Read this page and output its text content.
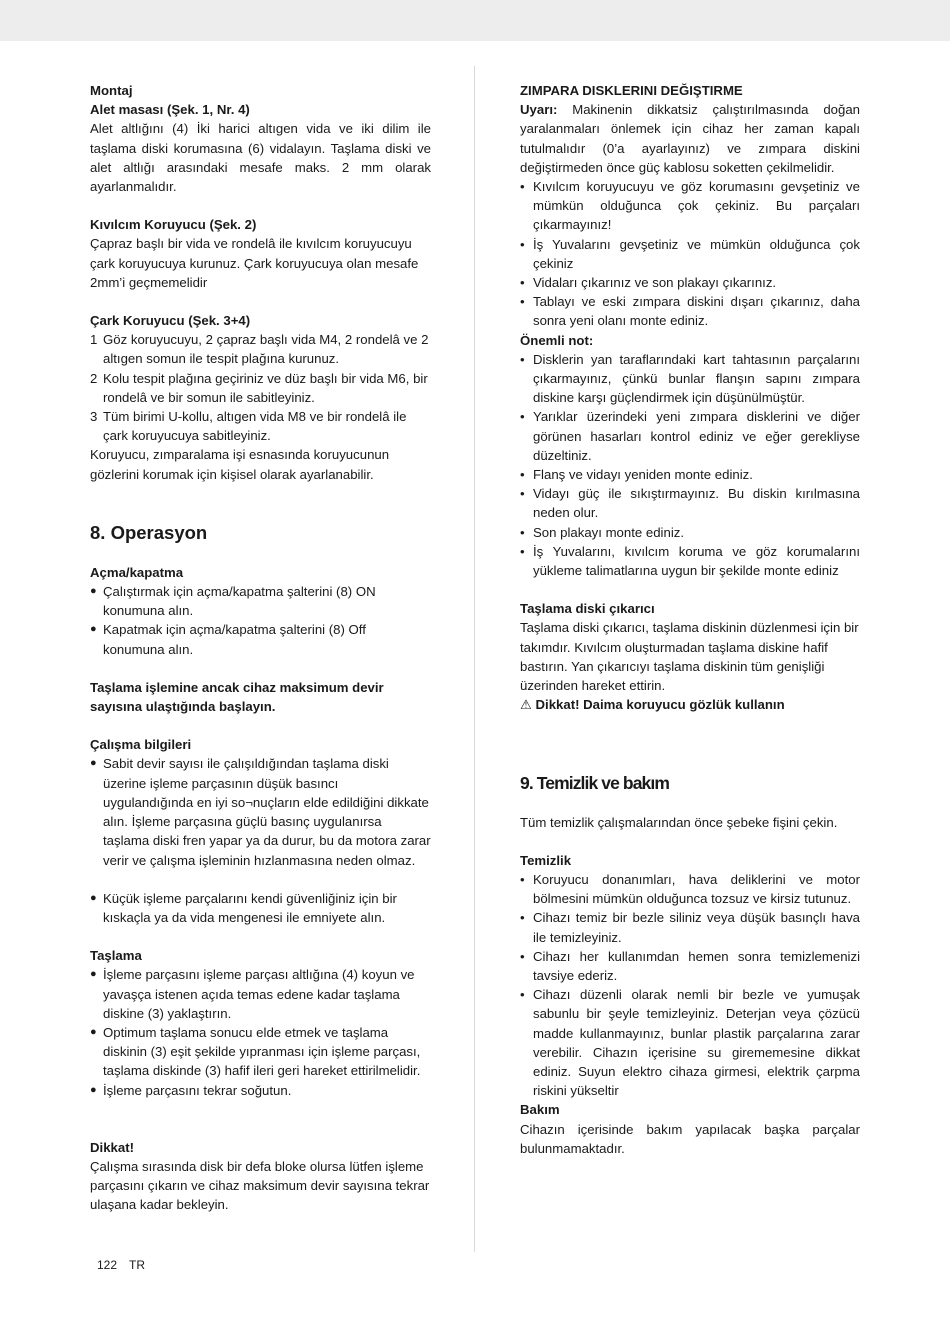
Montaj

Alet masası (Şek. 1, Nr. 4)

Alet altlığını (4) İki harici altıgen vida ve iki dilim ile taşlama diski korumasına (6) vidalayın. Taşlama diski ve alet altlığı arasındaki mesafe maks. 2 mm olarak ayarlanmalıdır.

Kıvılcım Koruyucu (Şek. 2)

Çapraz başlı bir vida ve rondelâ ile kıvılcım koruyucuyu çark koruyucuya kurunuz. Çark koruyucuya olan mesafe 2mm’i geçmemelidir

Çark Koruyucu (Şek. 3+4)

1 Göz koruyucuyu, 2 çapraz başlı vida M4, 2 rondelâ ve 2 altıgen somun ile tespit plağına kurunuz.
2 Kolu tespit plağına geçiriniz ve düz başlı bir vida M6, bir rondelâ ve bir somun ile sabitleyiniz.
3 Tüm birimi U-kollu, altıgen vida M8 ve bir rondelâ ile çark koruyucuya sabitleyiniz.

Koruyucu, zımparalama işi esnasında koruyucunun gözlerini korumak için kişisel olarak ayarlanabilir.

8. Operasyon

Açma/kapatma

● Çalıştırmak için açma/kapatma şalterini (8) ON konumuna alın.
● Kapatmak için açma/kapatma şalterini (8) Off konumuna alın.

Taşlama işlemine ancak cihaz maksimum devir sayısına ulaştığında başlayın.

Çalışma bilgileri

● Sabit devir sayısı ile çalışıldığından taşlama diski üzerine işleme parçasının düşük basıncı uygulandığında en iyi so¬nuçların elde edildiğini dikkate alın. İşleme parçasına güçlü basınç uygulanırsa taşlama diski fren yapar ya da durur, bu da motora zarar verir ve çalışma işleminin hızlanmasına neden olmaz.
● Küçük işleme parçalarını kendi güvenliğiniz için bir kıskaçla ya da vida mengenesi ile emniyete alın.

Taşlama

● İşleme parçasını işleme parçası altlığına (4) koyun ve yavaşça istenen açıda temas edene kadar taşlama diskine (3) yaklaştırın.
● Optimum taşlama sonucu elde etmek ve taşlama diskinin (3) eşit şekilde yıpranması için işleme parçası, taşlama diskinde (3) hafif ileri geri hareket ettirilmelidir.
● İşleme parçasını tekrar soğutun.

Dikkat!

Çalışma sırasında disk bir defa bloke olursa lütfen işleme parçasını çıkarın ve cihaz maksimum devir sayısına tekrar ulaşana kadar bekleyin.

ZIMPARA DISKLERINI DEĞIŞTIRME

Uyarı: Makinenin dikkatsiz çalıştırılmasında doğan yaralanmaları önlemek için cihaz her zaman kapalı tutulmalıdır (0’a ayarlayınız) ve zımpara diskini değiştirmeden önce güç kablosu soketten çekilmelidir.

• Kıvılcım koruyucuyu ve göz korumasını gevşetiniz ve mümkün olduğunca çok çekiniz. Bu parçaları çıkarmayınız!
• İş Yuvalarını gevşetiniz ve mümkün olduğunca çok çekiniz
• Vidaları çıkarınız ve son plakayı çıkarınız.
• Tablayı ve eski zımpara diskini dışarı çıkarınız, daha sonra yeni olanı monte ediniz.

Önemli not:

• Disklerin yan taraflarındaki kart tahtasının parçalarını çıkarmayınız, çünkü bunlar flanşın sapını zımpara diskine karşı güçlendirmek için düşünülmüştür.
• Yarıklar üzerindeki yeni zımpara disklerini ve diğer görünen hasarları kontrol ediniz ve eğer gerekliyse düzeltiniz.
• Flanş ve vidayı yeniden monte ediniz.
• Vidayı güç ile sıkıştırmayınız. Bu diskin kırılmasına neden olur.
• Son plakayı monte ediniz.
• İş Yuvalarını, kıvılcım koruma ve göz korumalarını yükleme talimatlarına uygun bir şekilde monte ediniz

Taşlama diski çıkarıcı

Taşlama diski çıkarıcı, taşlama diskinin düzlenmesi için bir takımdır. Kıvılcım oluşturmadan taşlama diskine hafif bastırın. Yan çıkarıcıyı taşlama diskinin tüm genişliği üzerinden hareket ettirin.

⚠ Dikkat! Daima koruyucu gözlük kullanın

9. Temizlik ve bakım

Tüm temizlik çalışmalarından önce şebeke fişini çekin.

Temizlik

• Koruyucu donanımları, hava deliklerini ve motor bölmesini mümkün olduğunca tozsuz ve kirsiz tutunuz.
• Cihazı temiz bir bezle siliniz veya düşük basınçlı hava ile temizleyiniz.
• Cihazı her kullanımdan hemen sonra temizlemenizi tavsiye ederiz.
• Cihazı düzenli olarak nemli bir bezle ve yumuşak sabunlu bir şeyle temizleyiniz. Deterjan veya çözücü madde kullanmayınız, bunlar plastik parçalarına zarar verebilir. Cihazın içerisine su girememesine dikkat ediniz. Suyun elektro cihaza girmesi, elektrik çarpma riskini yükseltir

Bakım

Cihazın içerisinde bakım yapılacak başka parçalar bulunmamaktadır.

122 TR
